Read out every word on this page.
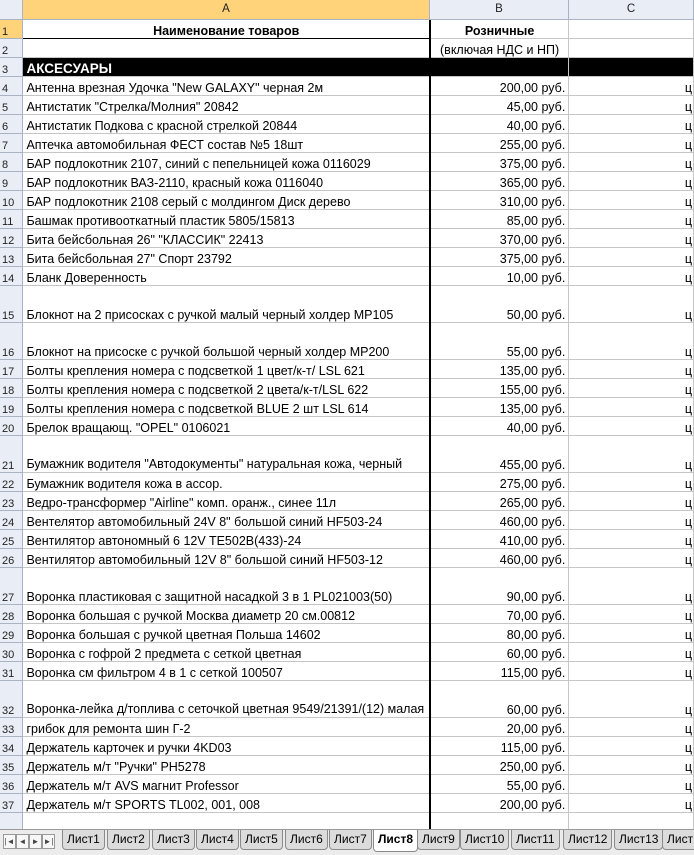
A	B	C
1	Наименование товаров	Розничные	
2		(включая НДС и НП)	
3	АКСЕСУАРЫ		
4	Антенна врезная Удочка "New GALAXY" черная 2м	200,00 руб.	ц
5	Антистатик "Стрелка/Молния" 20842	45,00 руб.	ц
6	Антистатик Подкова с красной стрелкой 20844	40,00 руб.	ц
7	Аптечка автомобильная ФЕСТ состав №5 18шт	255,00 руб.	ц
8	БАР подлокотник 2107, синий с пепельницей кожа 0116029	375,00 руб.	ц
9	БАР подлокотник ВАЗ-2110, красный кожа 0116040	365,00 руб.	ц
10	БАР подлокотник 2108 серый с молдингом Диск дерево	310,00 руб.	ц
11	Башмак противооткатный пластик 5805/15813	85,00 руб.	ц
12	Бита бейсбольная 26" "КЛАССИК" 22413	370,00 руб.	ц
13	Бита бейсбольная 27" Спорт 23792	375,00 руб.	ц
14	Бланк Доверенность	10,00 руб.	ц
15	Блокнот на 2 присосках с ручкой малый черный холдер MP105	50,00 руб.	ц
16	Блокнот на присоске с ручкой большой черный холдер MP200	55,00 руб.	ц
17	Болты крепления номера с подсветкой 1 цвет/к-т/ LSL 621	135,00 руб.	ц
18	Болты крепления номера с подсветкой 2 цвета/к-т/LSL 622	155,00 руб.	ц
19	Болты крепления номера с подсветкой BLUE 2 шт LSL 614	135,00 руб.	ц
20	Брелок вращающ. "OPEL" 0106021	40,00 руб.	ц
21	Бумажник водителя "Автодокументы" натуральная кожа, черный	455,00 руб.	ц
22	Бумажник водителя кожа в ассор.	275,00 руб.	ц
23	Ведро-трансформер "Airline" комп. оранж., синее 11л	265,00 руб.	ц
24	Вентелятор автомобильный 24V 8" большой синий HF503-24	460,00 руб.	ц
25	Вентилятор автономный 6 12V TE502B(433)-24	410,00 руб.	ц
26	Вентилятор автомобильный 12V 8" большой синий HF503-12	460,00 руб.	ц
27	Воронка пластиковая с защитной насадкой 3 в 1 PL021003(50)	90,00 руб.	ц
28	Воронка большая с ручкой Москва диаметр 20 см.00812	70,00 руб.	ц
29	Воронка большая с ручкой цветная Польша 14602	80,00 руб.	ц
30	Воронка с гофрой 2 предмета с сеткой цветная	60,00 руб.	ц
31	Воронка см фильтром 4 в 1 с сеткой 100507	115,00 руб.	ц
32	Воронка-лейка д/топлива с сеточкой цветная 9549/21391/(12) малая	60,00 руб.	ц
33	грибок для ремонта шин Г-2	20,00 руб.	ц
34	Держатель карточек и ручки 4KD03	115,00 руб.	ц
35	Держатель м/т "Ручки" PH5278	250,00 руб.	ц
36	Держатель м/т AVS магнит Professor	55,00 руб.	ц
37	Держатель м/т SPORTS TL002, 001, 008	200,00 руб.	ц

|◄ ◄ ► ►|	Лист1	Лист2	Лист3 Лист4 Лист5	Лист6 Лист7 Лист8 Лист9 Лист10 Лист11	Лист12 Лист13 Лист
